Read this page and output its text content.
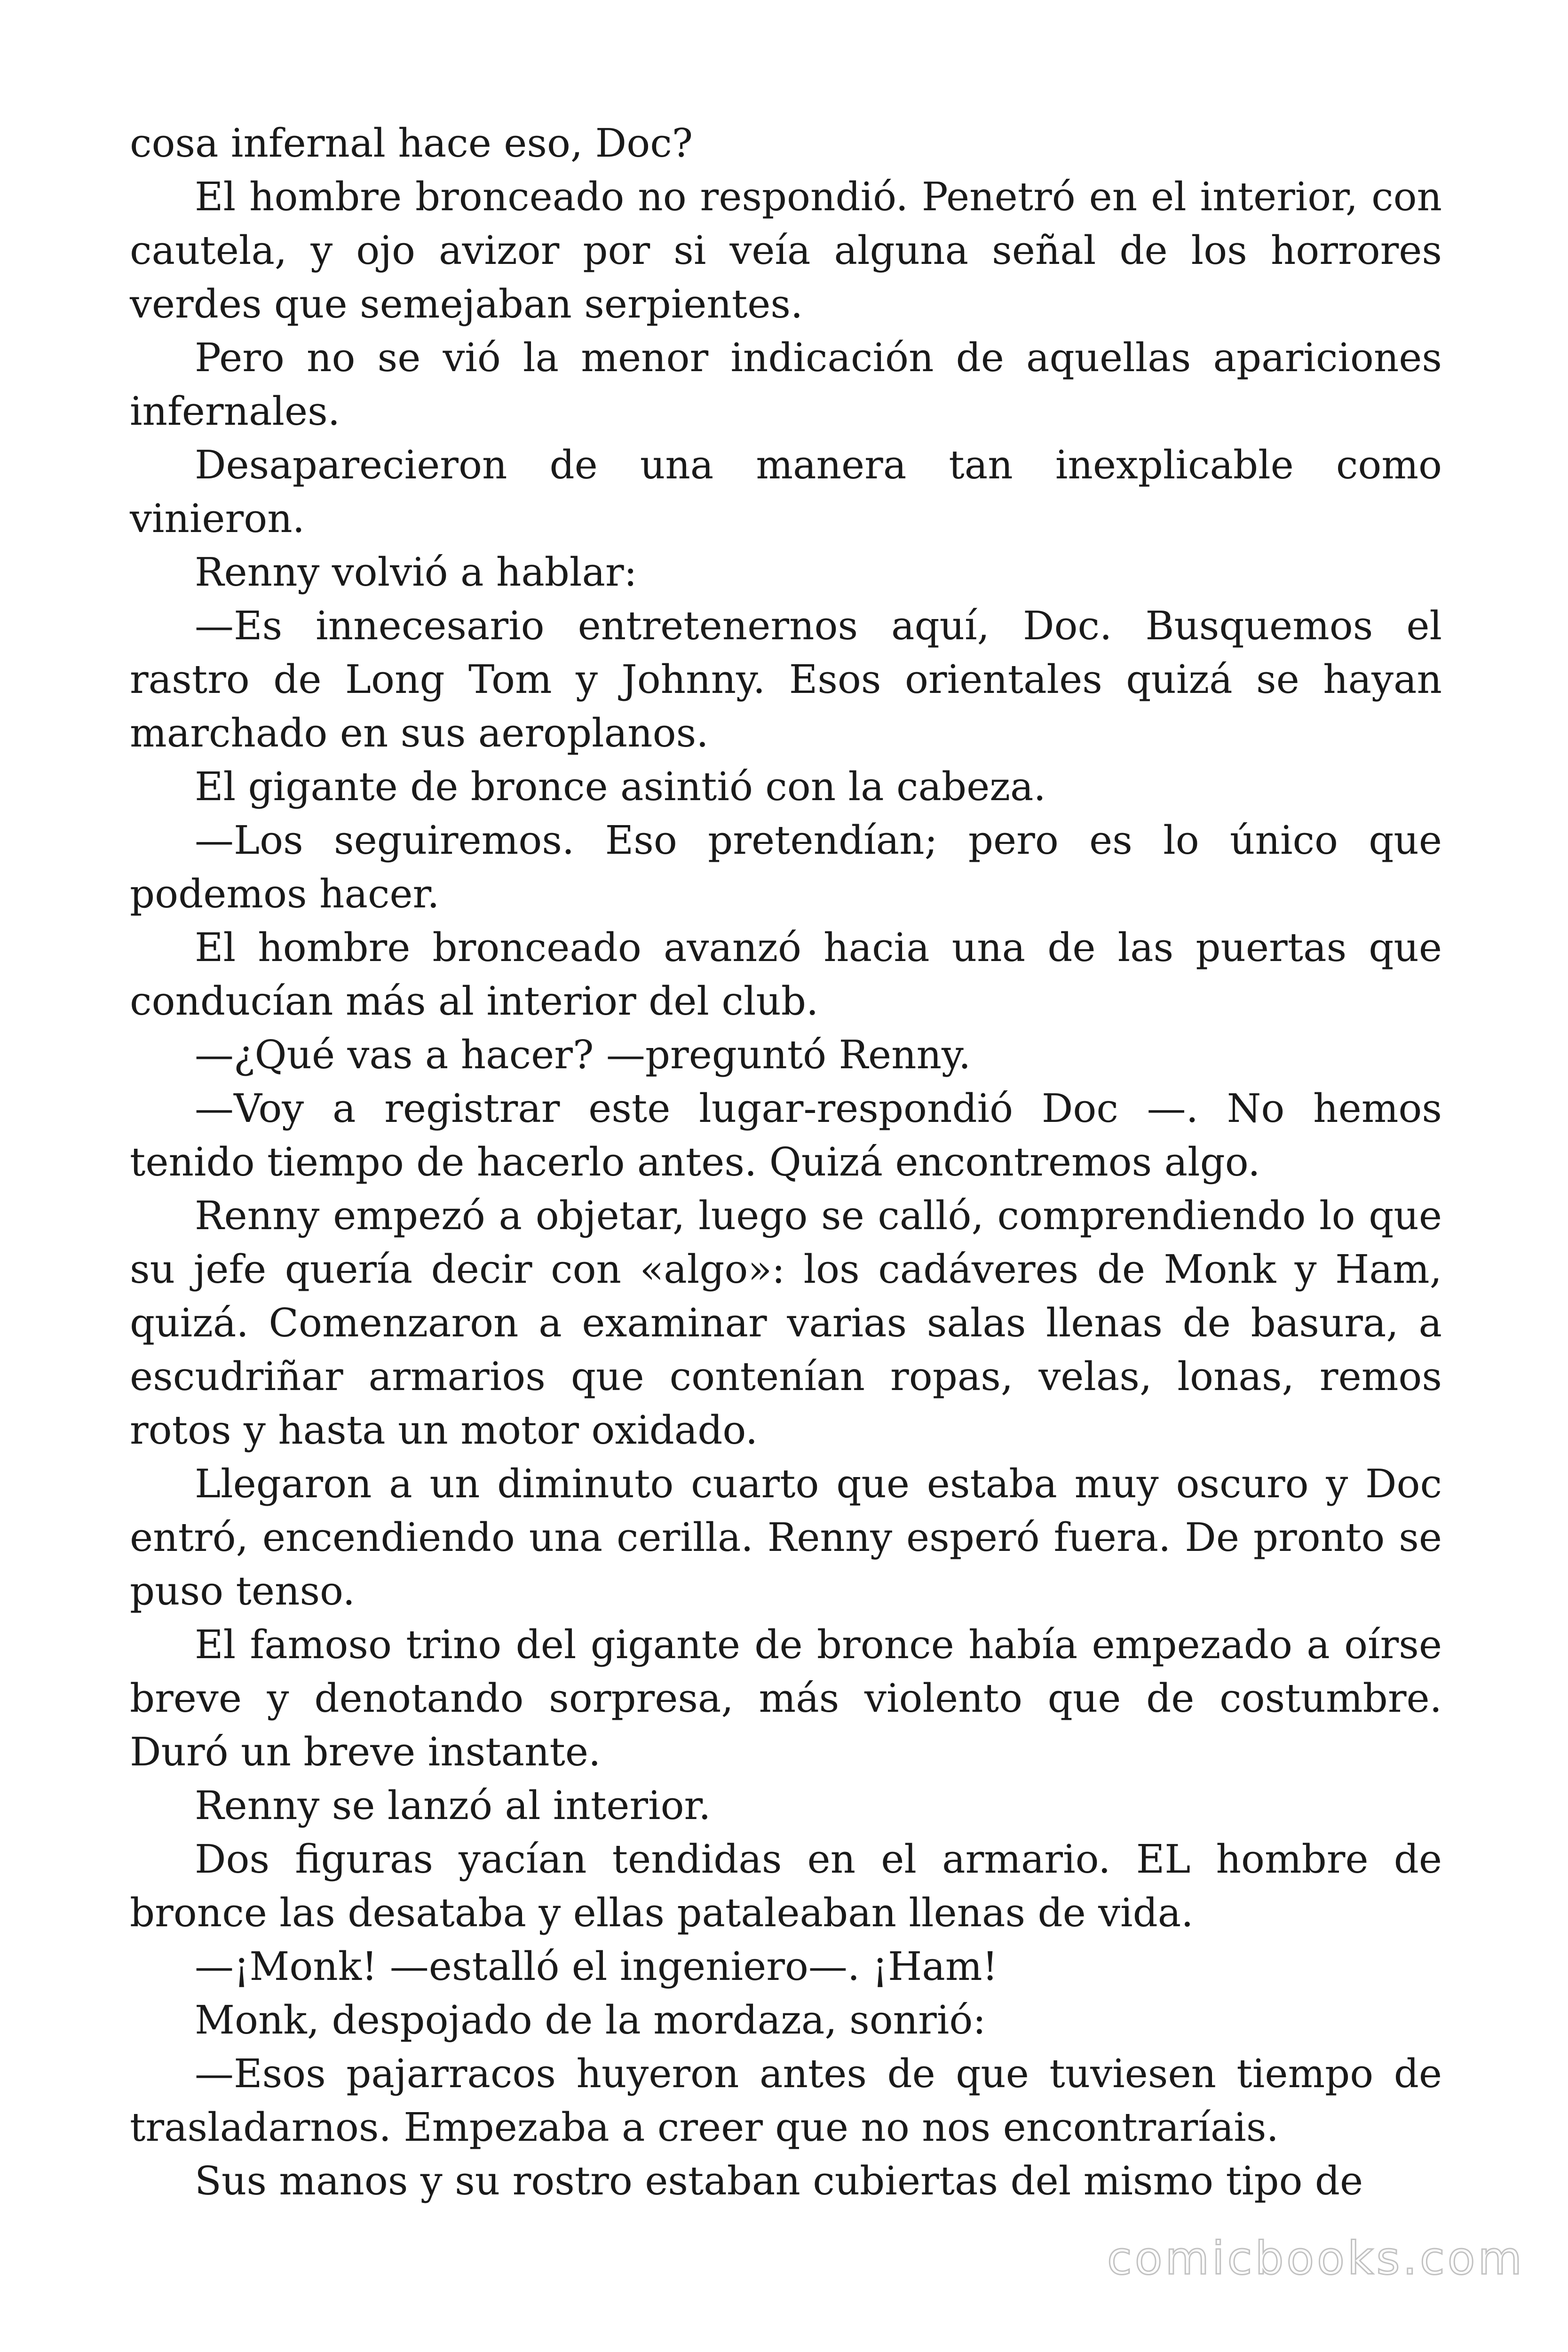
cosa infernal hace eso, Doc?

El hombre bronceado no respondió. Penetró en el interior, con cautela, y ojo avizor por si veía alguna señal de los horrores verdes que semejaban serpientes.

Pero no se vió la menor indicación de aquellas apariciones infernales.

Desaparecieron de una manera tan inexplicable como vinieron.

Renny volvió a hablar:

—Es innecesario entretenernos aquí, Doc. Busquemos el rastro de Long Tom y Johnny. Esos orientales quizá se hayan marchado en sus aeroplanos.

El gigante de bronce asintió con la cabeza.

—Los seguiremos. Eso pretendían; pero es lo único que podemos hacer.

El hombre bronceado avanzó hacia una de las puertas que conducían más al interior del club.

—¿Qué vas a hacer? —preguntó Renny.

—Voy a registrar este lugar-respondió Doc —. No hemos tenido tiempo de hacerlo antes. Quizá encontremos algo.

Renny empezó a objetar, luego se calló, comprendiendo lo que su jefe quería decir con «algo»: los cadáveres de Monk y Ham, quizá. Comenzaron a examinar varias salas llenas de basura, a escudriñar armarios que contenían ropas, velas, lonas, remos rotos y hasta un motor oxidado.

Llegaron a un diminuto cuarto que estaba muy oscuro y Doc entró, encendiendo una cerilla. Renny esperó fuera. De pronto se puso tenso.

El famoso trino del gigante de bronce había empezado a oírse breve y denotando sorpresa, más violento que de costumbre. Duró un breve instante.

Renny se lanzó al interior.

Dos figuras yacían tendidas en el armario. EL hombre de bronce las desataba y ellas pataleaban llenas de vida.

—¡Monk! —estalló el ingeniero—. ¡Ham!

Monk, despojado de la mordaza, sonrió:

—Esos pajarracos huyeron antes de que tuviesen tiempo de trasladarnos. Empezaba a creer que no nos encontraríais.

Sus manos y su rostro estaban cubiertas del mismo tipo de

comicbooks.com
